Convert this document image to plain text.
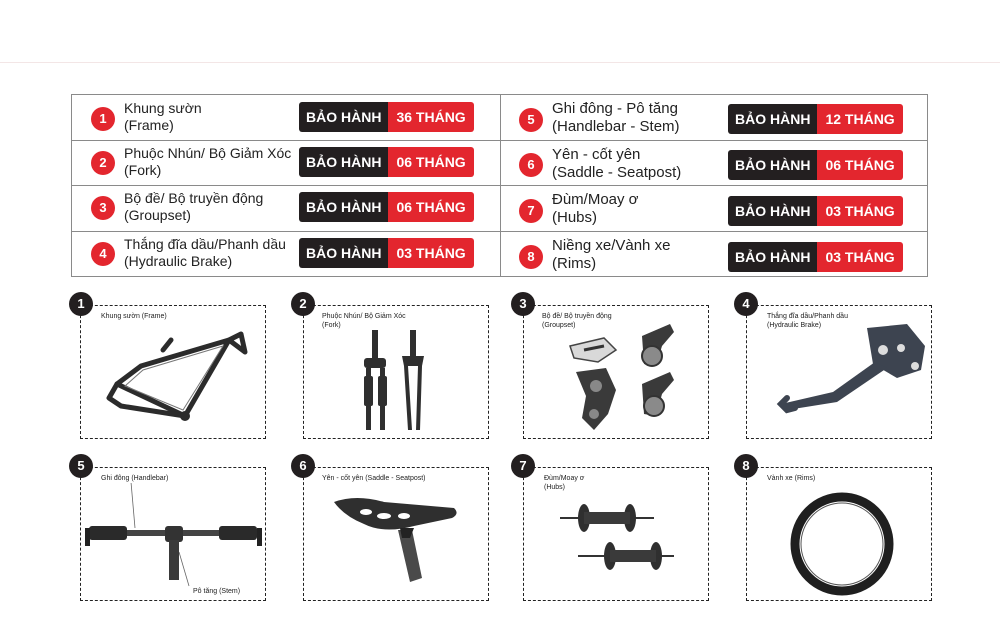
1
Khung sườn
(Frame)	BẢO HÀNH	36 THÁNG
2
Phuộc Nhún/ Bộ Giảm Xóc
(Fork)	BẢO HÀNH	06 THÁNG
3
Bộ đề/ Bộ truyền động
(Groupset)	BẢO HÀNH	06 THÁNG
4
Thắng đĩa dầu/Phanh dầu
(Hydraulic Brake)	BẢO HÀNH	03 THÁNG
5
Ghi đông - Pô tăng
(Handlebar - Stem)	BẢO HÀNH	12 THÁNG
6
Yên - cốt yên
(Saddle - Seatpost)	BẢO HÀNH	06 THÁNG
7
Đùm/Moay ơ
(Hubs)	BẢO HÀNH	03 THÁNG
8
Niềng xe/Vành xe
(Rims)	BẢO HÀNH	03 THÁNG
1
Khung sườn (Frame)
2
Phuộc Nhún/ Bộ Giảm Xóc
(Fork)
3
Bộ đề/ Bộ truyền động
(Groupset)
4
Thắng đĩa dầu/Phanh dầu
(Hydraulic Brake)
5
Ghi đông (Handlebar)
Pô tăng (Stem)
6
Yên - cốt yên (Saddle - Seatpost)
7
Đùm/Moay ơ
(Hubs)
8
Vành xe (Rims)
